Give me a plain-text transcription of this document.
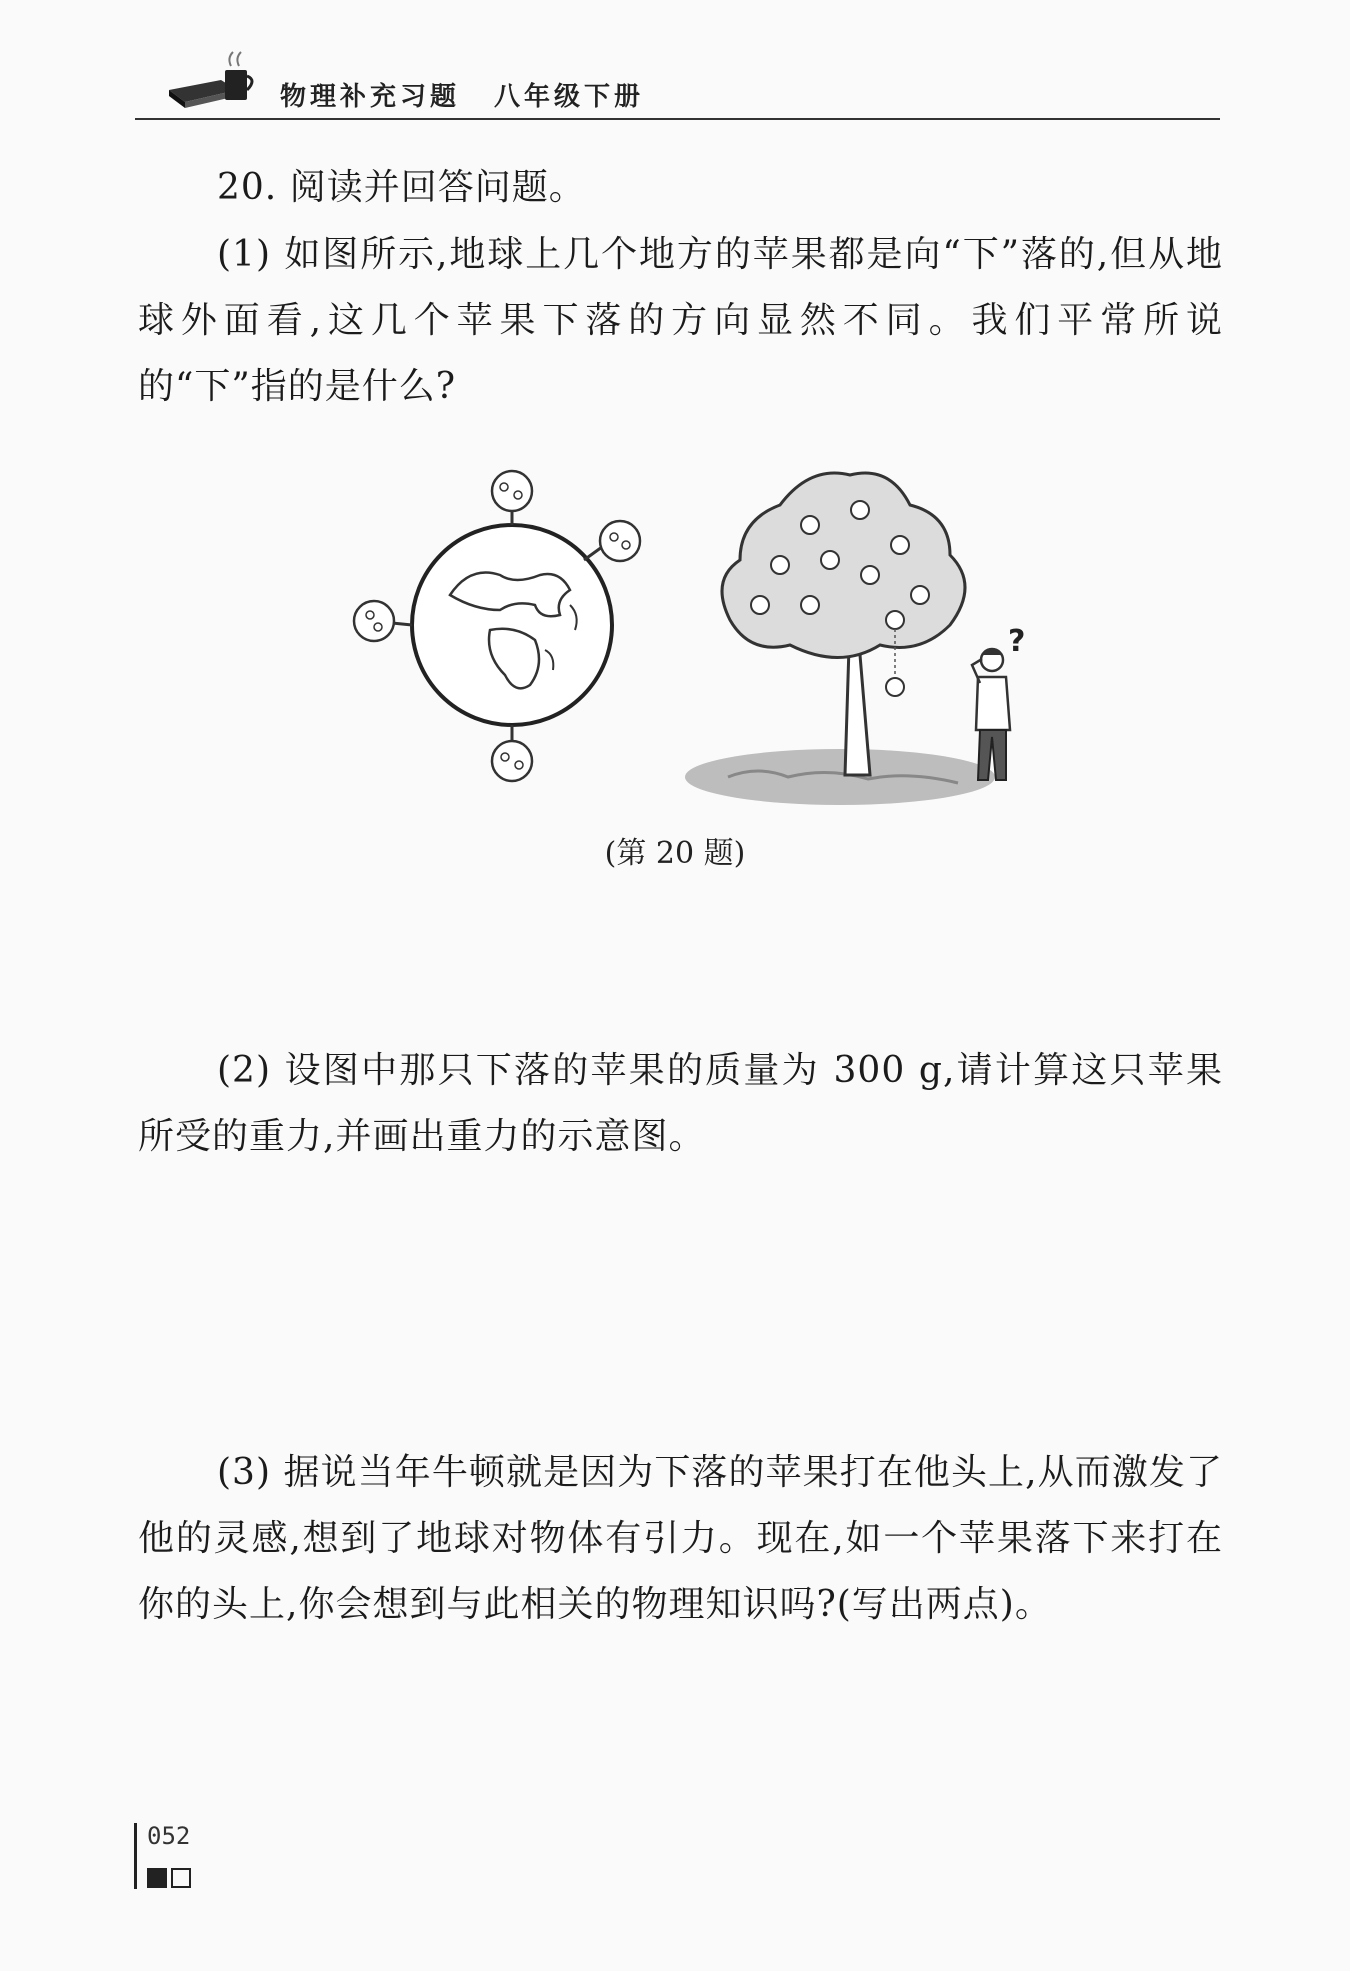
物理补充习题 八年级下册

20. 阅读并回答问题。

(1) 如图所示,地球上几个地方的苹果都是向“下”落的,但从地球外面看,这几个苹果下落的方向显然不同。我们平常所说的“下”指的是什么?

?
(第 20 题)

(2) 设图中那只下落的苹果的质量为 300 g,请计算这只苹果所受的重力,并画出重力的示意图。

(3) 据说当年牛顿就是因为下落的苹果打在他头上,从而激发了他的灵感,想到了地球对物体有引力。现在,如一个苹果落下来打在你的头上,你会想到与此相关的物理知识吗?(写出两点)。

052
